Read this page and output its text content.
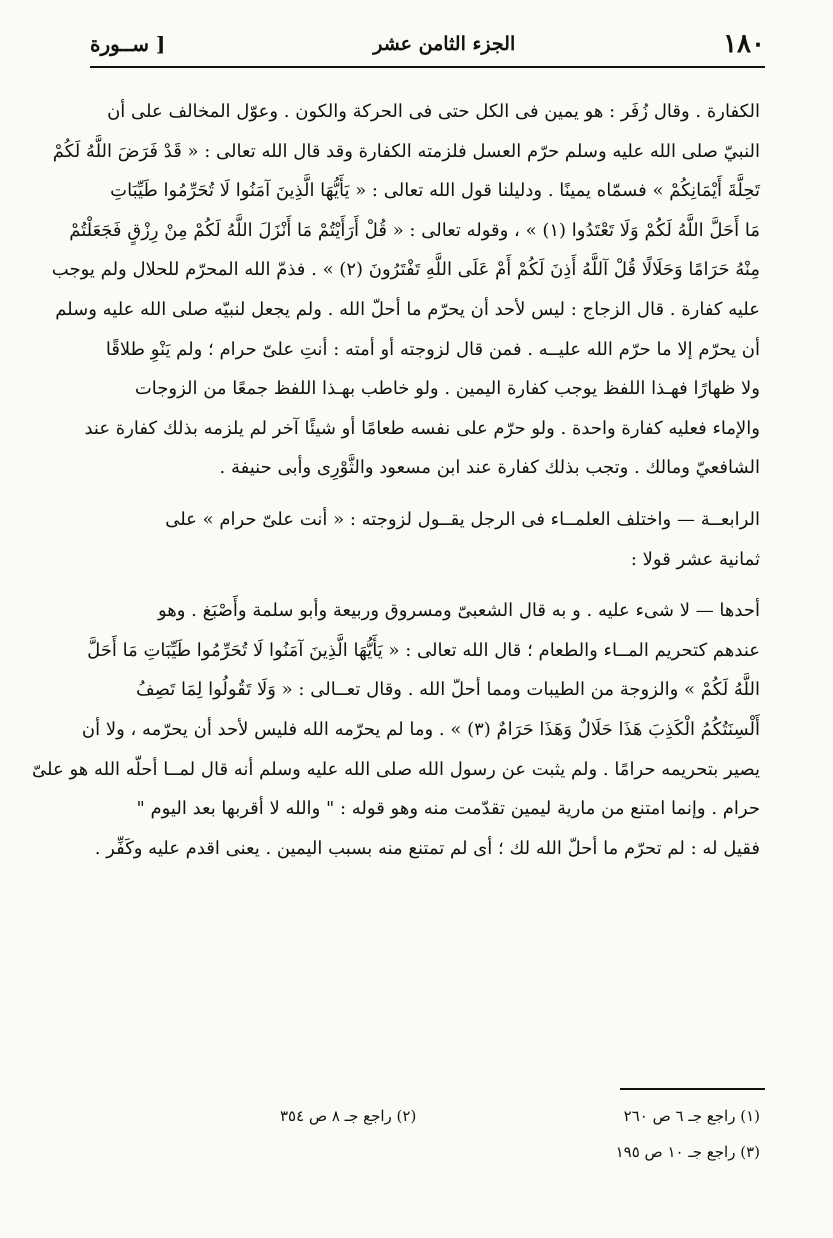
١٨٠
الجزء الثامن عشر
[ ســورة
الكفارة . وقال زُفَر : هو يمين فى الكل حتى فى الحركة والكون . وعوّل المخالف على أن
النبيّ صلى الله عليه وسلم حرّم العسل فلزمته الكفارة وقد قال الله تعالى : « قَدْ فَرَضَ اللَّهُ لَكُمْ
تَحِلَّةَ أَيْمَانِكُمْ » فسمّاه يمينًا . ودليلنا قول الله تعالى : « يَأَيُّهَا الَّذِينَ آمَنُوا لَا تُحَرِّمُوا طَيِّبَاتِ
مَا أَحَلَّ اللَّهُ لَكُمْ وَلَا تَعْتَدُوا (١) » ، وقوله تعالى : « قُلْ أَرَأَيْتُمْ مَا أَنْزَلَ اللَّهُ لَكُمْ مِنْ رِزْقٍ فَجَعَلْتُمْ
مِنْهُ حَرَامًا وَحَلَالًا قُلْ آللَّهُ أَذِنَ لَكُمْ أَمْ عَلَى اللَّهِ تَفْتَرُونَ (٢) » . فذمّ الله المحرّم للحلال ولم يوجب
عليه كفارة . قال الزجاج : ليس لأحد أن يحرّم ما أحلّ الله . ولم يجعل لنبيّه صلى الله عليه وسلم
أن يحرّم إلا ما حرّم الله عليــه . فمن قال لزوجته أو أمته : أنتِ علىّ حرام ؛ ولم يَنْوِ طلاقًا
ولا ظهارًا فهـذا اللفظ يوجب كفارة اليمين . ولو خاطب بهـذا اللفظ جمعًا من الزوجات
والإماء فعليه كفارة واحدة . ولو حرّم على نفسه طعامًا أو شيئًا آخر لم يلزمه بذلك كفارة عند
الشافعيّ ومالك . وتجب بذلك كفارة عند ابن مسعود والثَّوْرِى وأبى حنيفة .
الرابعــة — واختلف العلمــاء فى الرجل يقــول لزوجته : « أنت علىّ حرام » على
ثمانية عشر قولا :
أحدها — لا شىء عليه . و به قال الشعبىّ ومسروق وربيعة وأبو سلمة وأَصْبَغ . وهو
عندهم كتحريم المــاء والطعام ؛ قال الله تعالى : « يَأَيُّهَا الَّذِينَ آمَنُوا لَا تُحَرِّمُوا طَيِّبَاتِ مَا أَحَلَّ
اللَّهُ لَكُمْ » والزوجة من الطيبات ومما أحلّ الله . وقال تعــالى : « وَلَا تَقُولُوا لِمَا تَصِفُ
أَلْسِنَتُكُمُ الْكَذِبَ هَذَا حَلَالٌ وَهَذَا حَرَامٌ (٣) » . وما لم يحرّمه الله فليس لأحد أن يحرّمه ، ولا أن
يصير بتحريمه حرامًا . ولم يثبت عن رسول الله صلى الله عليه وسلم أنه قال لمــا أحلّه الله هو علىّ
حرام . وإنما امتنع من مارية ليمين تقدّمت منه وهو قوله : " والله لا أقربها بعد اليوم "
فقيل له : لم تحرّم ما أحلّ الله لك ؛ أى لم تمتنع منه بسبب اليمين . يعنى اقدم عليه وكَفِّر .
(١) راجع جـ ٦ ص ٢٦٠
(٢) راجع جـ ٨ ص ٣٥٤
(٣) راجع جـ ١٠ ص ١٩٥
